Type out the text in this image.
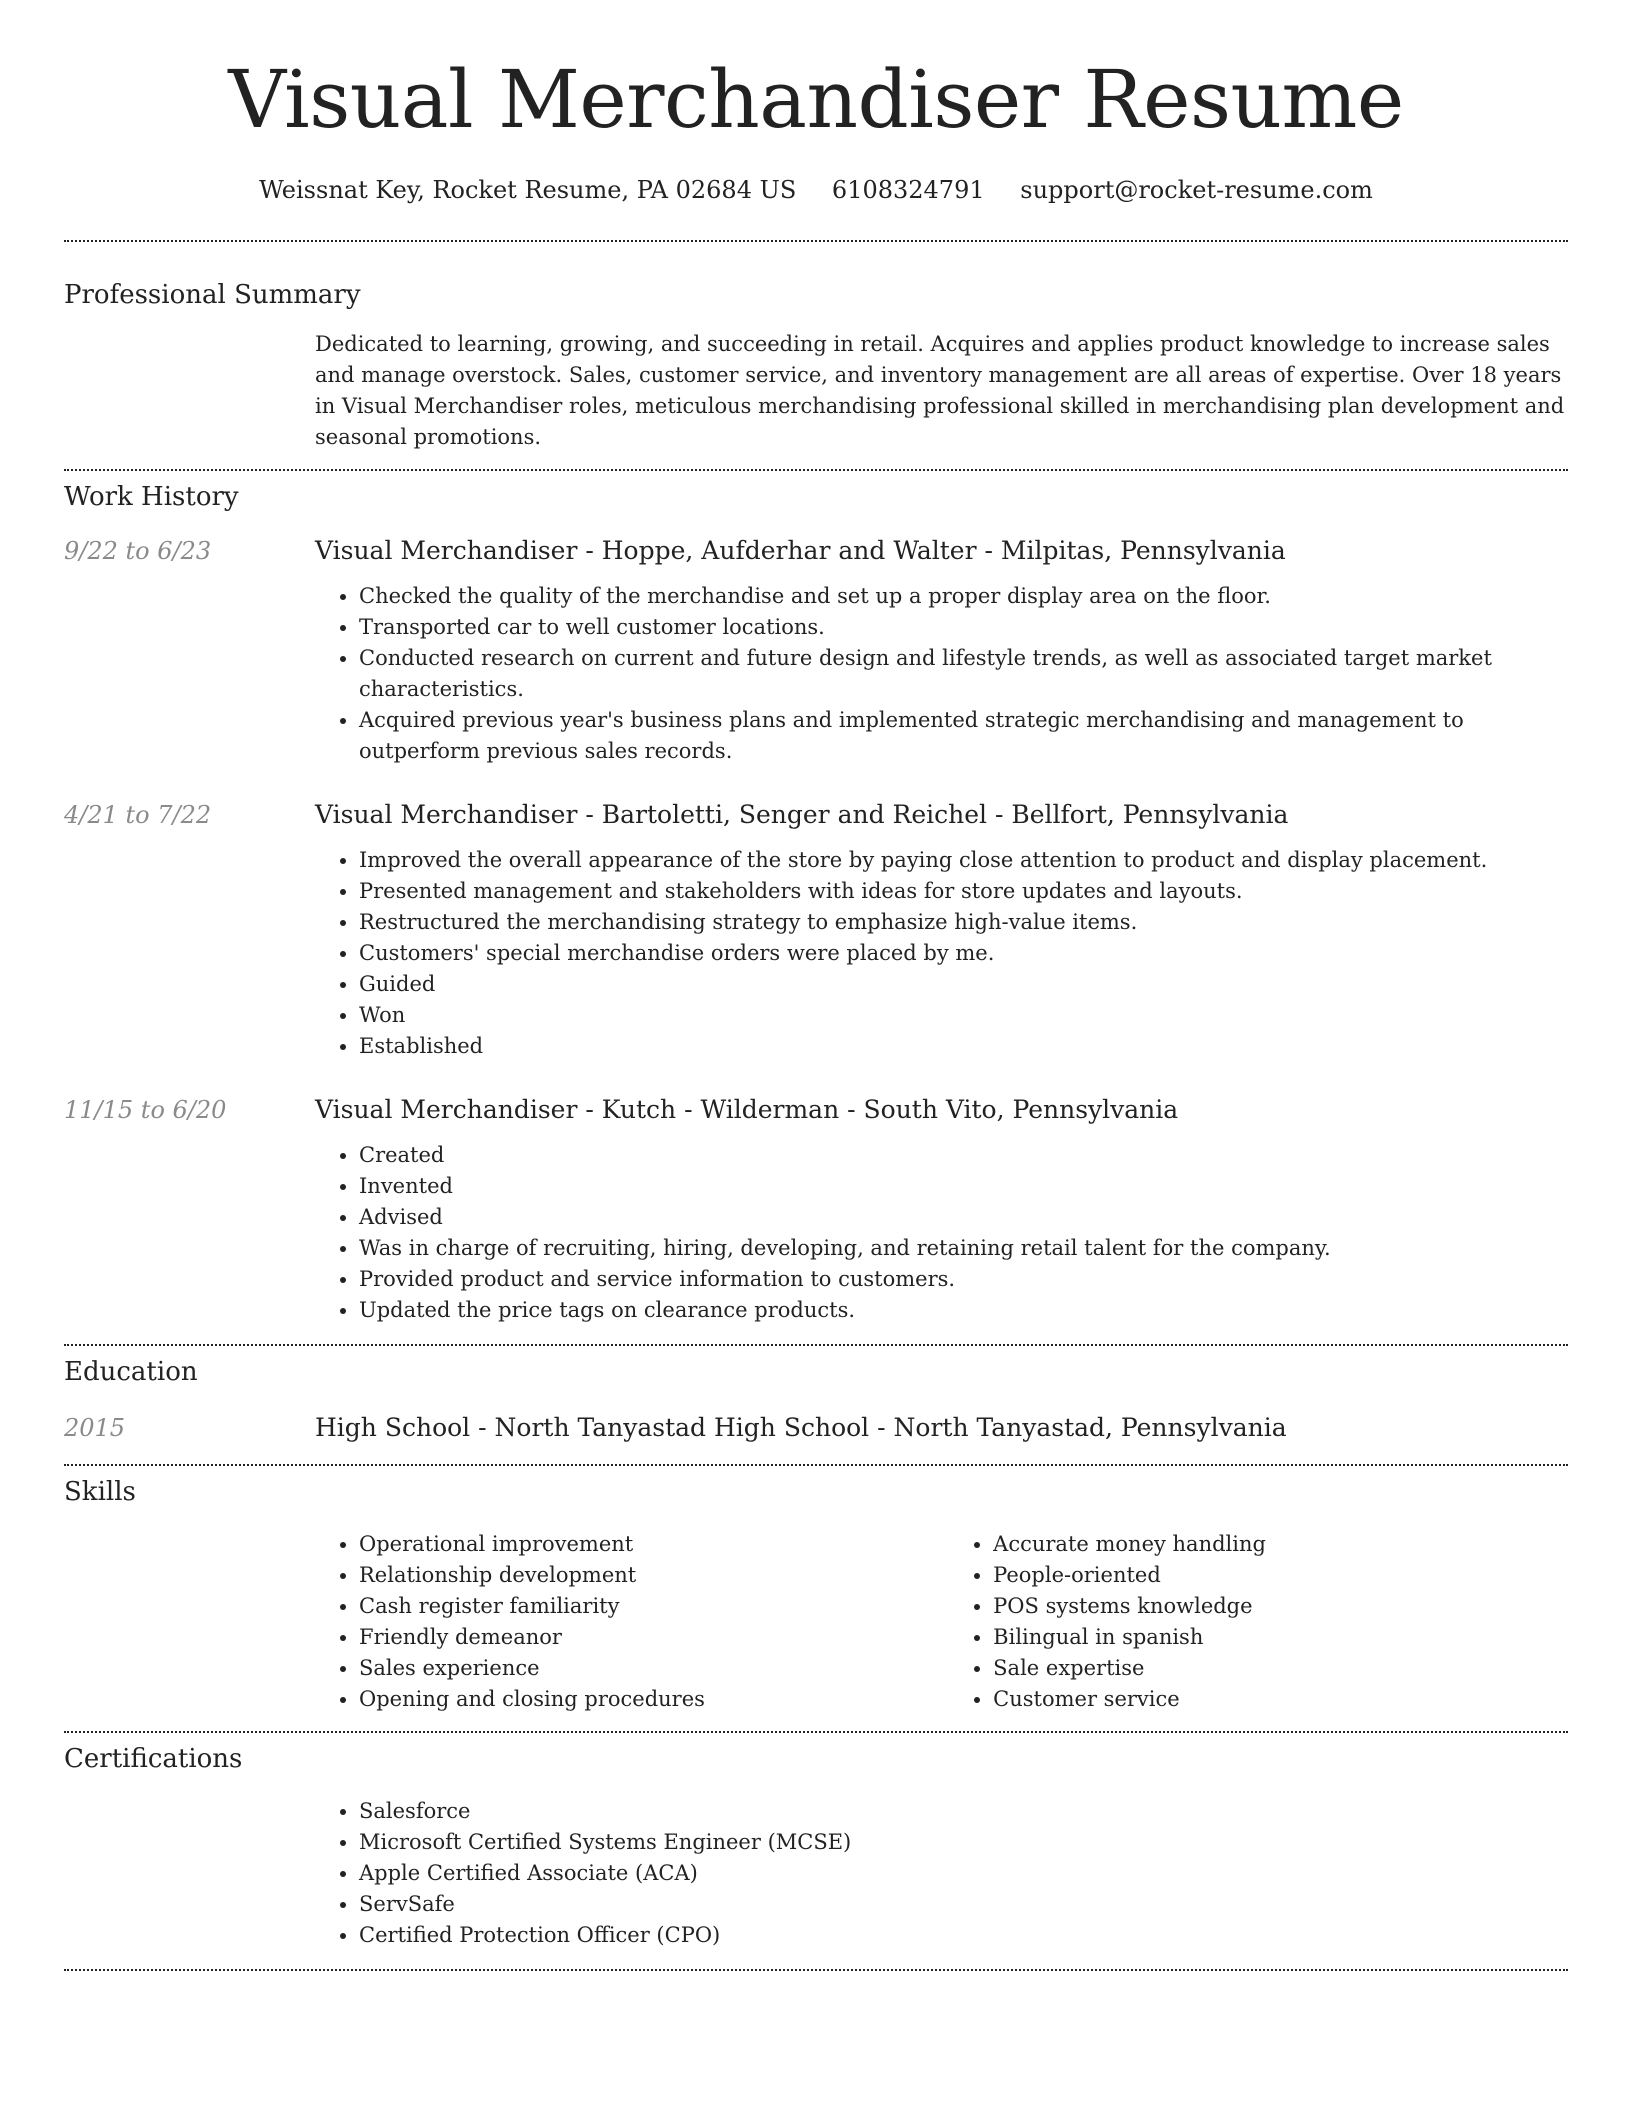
Visual Merchandiser Resume
Weissnat Key, Rocket Resume, PA 02684 US 6108324791 support@rocket-resume.com
Professional Summary
Dedicated to learning, growing, and succeeding in retail. Acquires and applies product knowledge to increase sales and manage overstock. Sales, customer service, and inventory management are all areas of expertise. Over 18 years in Visual Merchandiser roles, meticulous merchandising professional skilled in merchandising plan development and seasonal promotions.
Work History
9/22 to 6/23	Visual Merchandiser - Hoppe, Aufderhar and Walter - Milpitas, Pennsylvania
• Checked the quality of the merchandise and set up a proper display area on the floor.
• Transported car to well customer locations.
• Conducted research on current and future design and lifestyle trends, as well as associated target market characteristics.
• Acquired previous year's business plans and implemented strategic merchandising and management to outperform previous sales records.
4/21 to 7/22	Visual Merchandiser - Bartoletti, Senger and Reichel - Bellfort, Pennsylvania
• Improved the overall appearance of the store by paying close attention to product and display placement.
• Presented management and stakeholders with ideas for store updates and layouts.
• Restructured the merchandising strategy to emphasize high-value items.
• Customers' special merchandise orders were placed by me.
• Guided
• Won
• Established
11/15 to 6/20	Visual Merchandiser - Kutch - Wilderman - South Vito, Pennsylvania
• Created
• Invented
• Advised
• Was in charge of recruiting, hiring, developing, and retaining retail talent for the company.
• Provided product and service information to customers.
• Updated the price tags on clearance products.
Education
2015	High School - North Tanyastad High School - North Tanyastad, Pennsylvania
Skills
• Operational improvement
• Relationship development
• Cash register familiarity
• Friendly demeanor
• Sales experience
• Opening and closing procedures
• Accurate money handling
• People-oriented
• POS systems knowledge
• Bilingual in spanish
• Sale expertise
• Customer service
Certifications
• Salesforce
• Microsoft Certified Systems Engineer (MCSE)
• Apple Certified Associate (ACA)
• ServSafe
• Certified Protection Officer (CPO)
